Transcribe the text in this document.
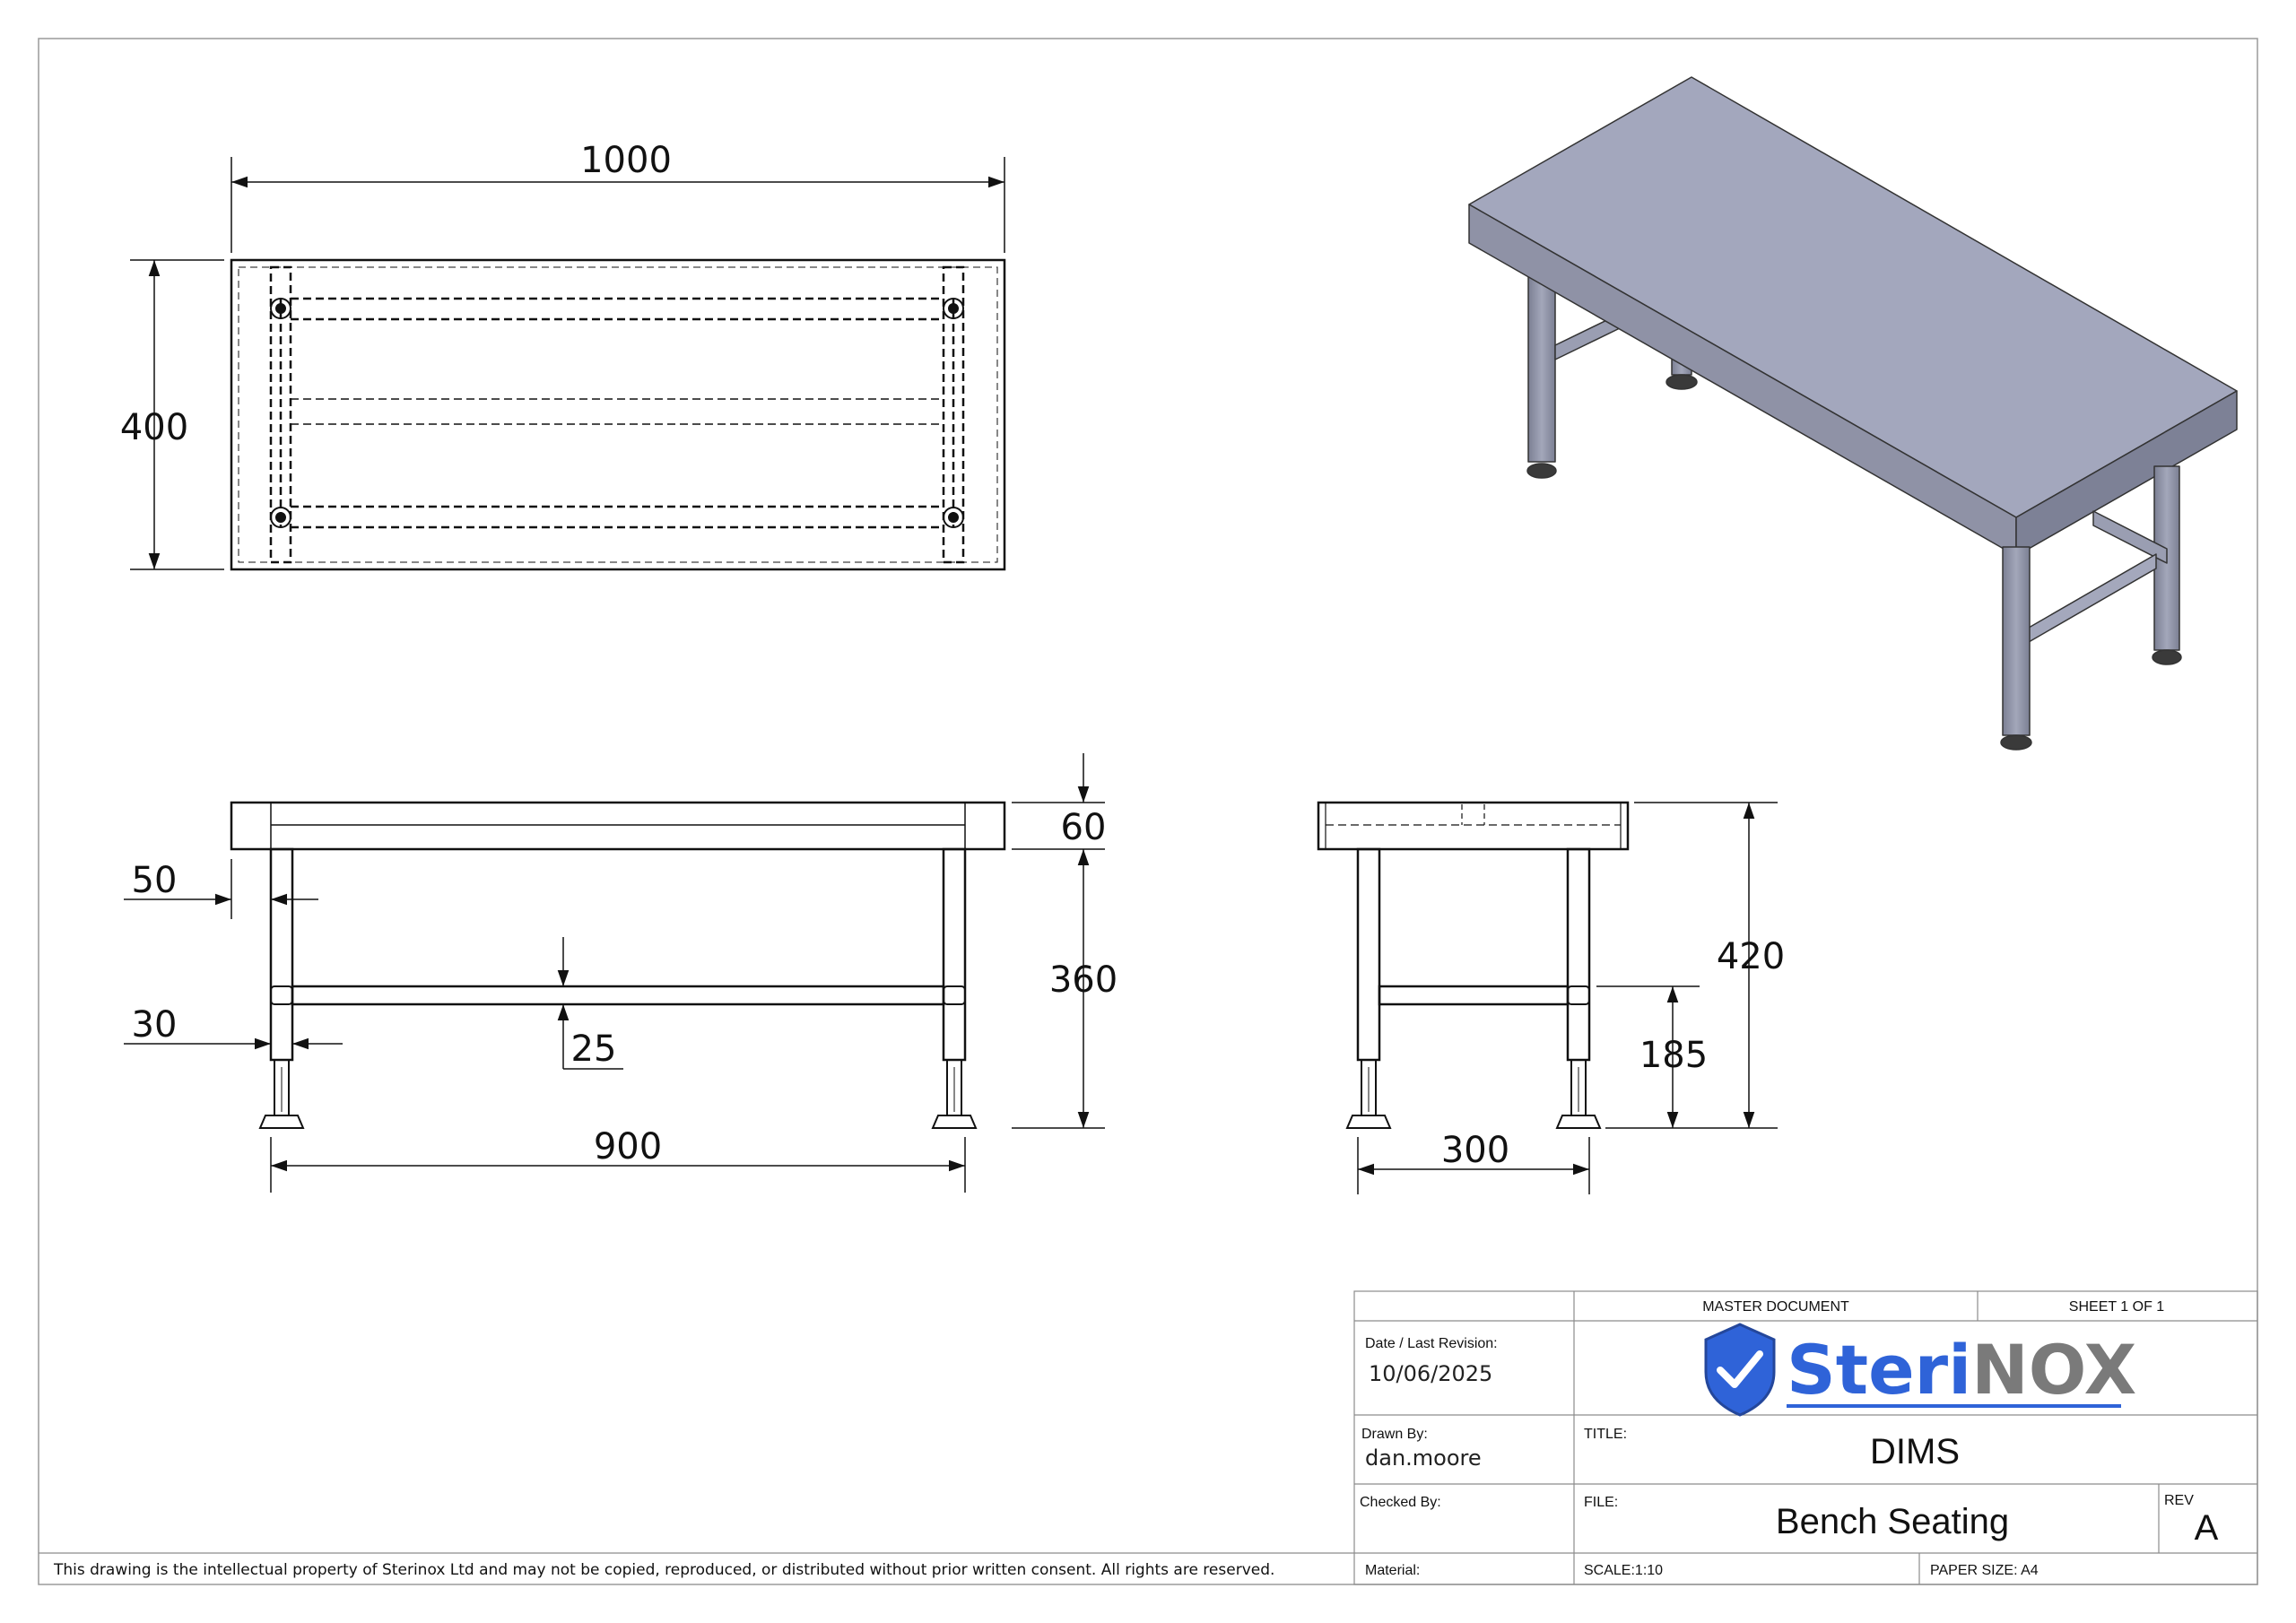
1000
400
60
360
50
30
25
900
420
185
300
MASTER DOCUMENT	SHEET 1 OF 1
Date / Last Revision:
10/06/2025	SteriNOX
Drawn By:
dan.moore
TITLE:	DIMS
Checked By:	FILE:	Bench Seating
REV
A
Material:	SCALE:1:10	PAPER SIZE: A4
This drawing is the intellectual property of Sterinox Ltd and may not be copied, reproduced, or distributed without prior written consent. All rights are reserved.
